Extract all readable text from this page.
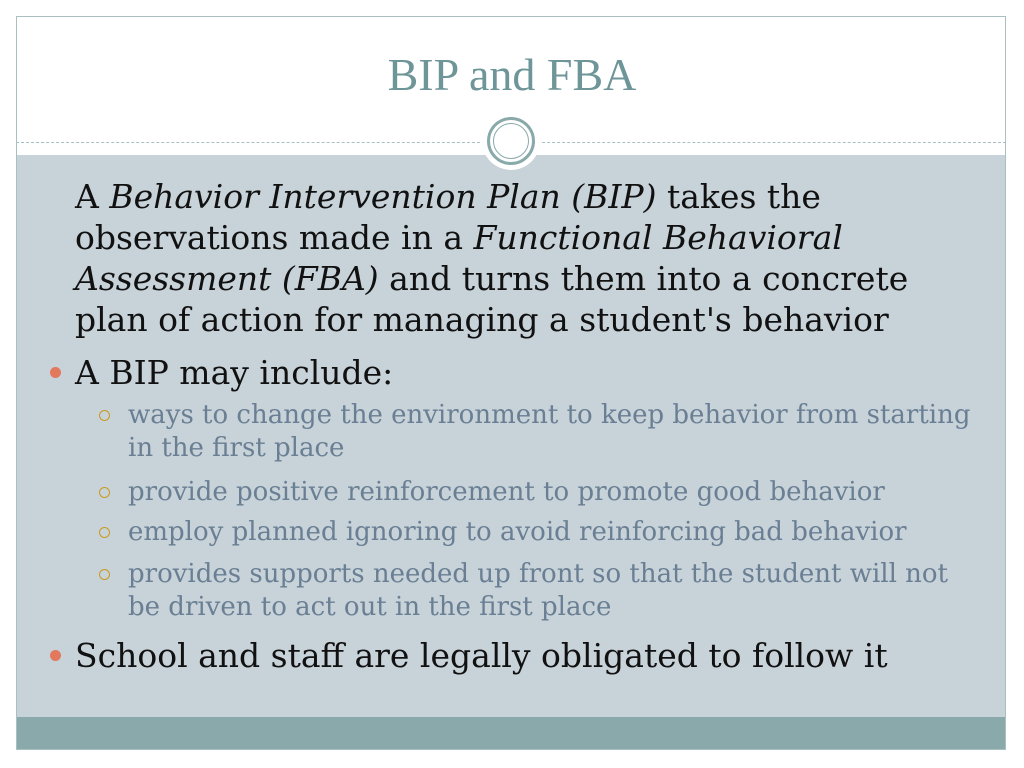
BIP and FBA
A Behavior Intervention Plan (BIP) takes the observations made in a Functional Behavioral Assessment (FBA) and turns them into a concrete plan of action for managing a student's behavior
A BIP may include:
ways to change the environment to keep behavior from starting in the first place
provide positive reinforcement to promote good behavior
employ planned ignoring to avoid reinforcing bad behavior
provides supports needed up front so that the student will not be driven to act out in the first place
School and staff are legally obligated to follow it
